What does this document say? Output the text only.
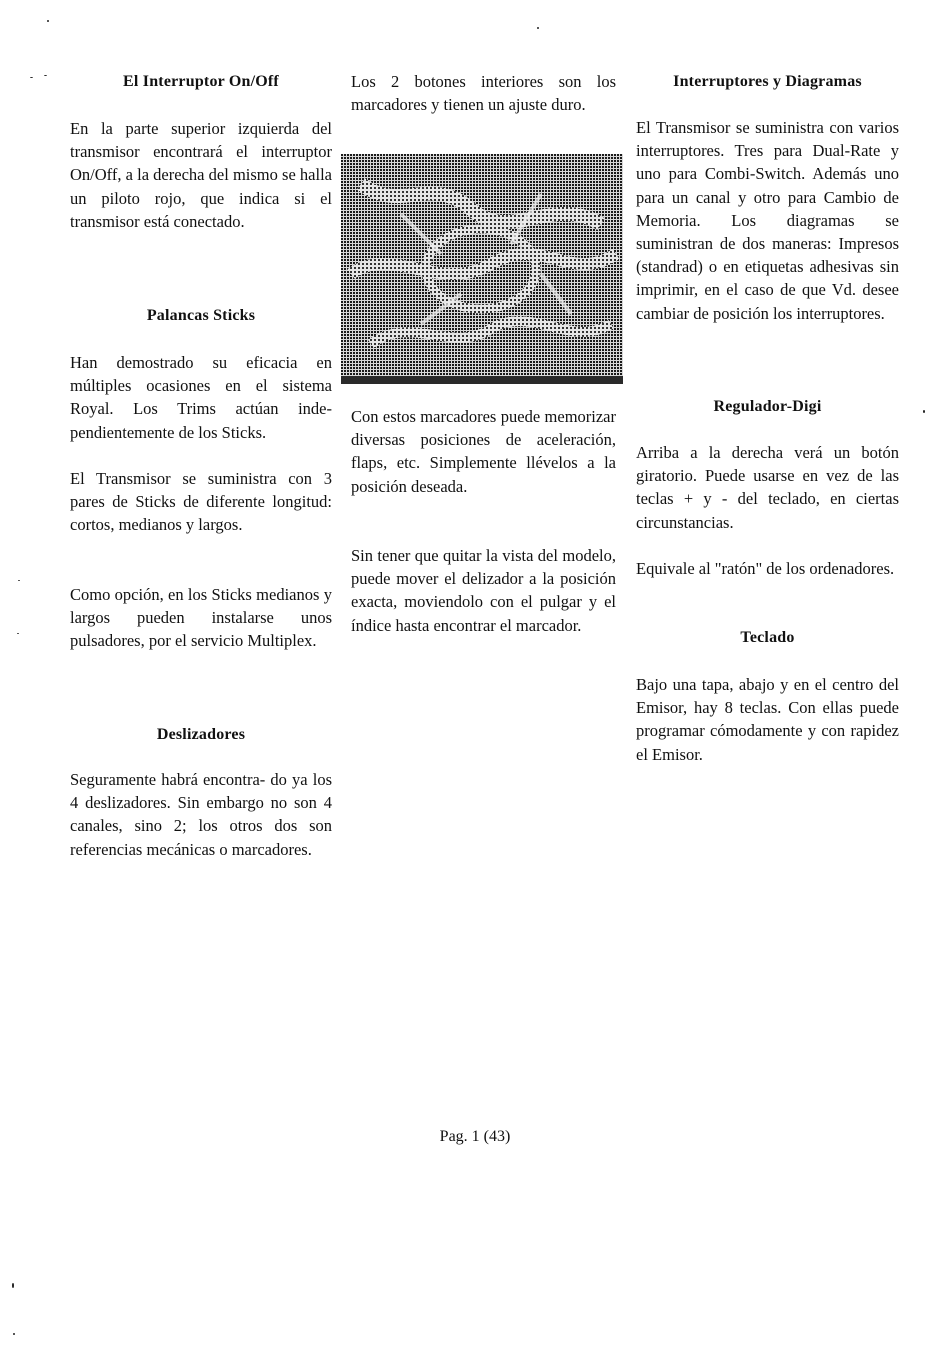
El Interruptor On/Off

En la parte superior izquierda del transmisor encontrará el interruptor On/Off, a la derecha del mismo se halla un piloto rojo, que indica si el transmisor está conectado.

Palancas Sticks

Han demostrado su eficacia en múltiples ocasiones en el sistema Royal. Los Trims actúan independientemente de los Sticks.

El Transmisor se suministra con 3 pares de Sticks de diferente longitud: cortos, medianos y largos.

Como opción, en los Sticks medianos y largos pueden instalarse unos pulsadores, por el servicio Multiplex.

Deslizadores

Seguramente habrá encontra- do ya los 4 deslizadores. Sin embargo no son 4 canales, sino 2; los otros dos son referencias mecánicas o marcadores.

Los 2 botones interiores son los marcadores y tienen un ajuste duro.

Con estos marcadores puede memorizar diversas posiciones de aceleración, flaps, etc. Simplemente llévelos a la posición deseada.

Sin tener que quitar la vista del modelo, puede mover el delizador a la posición exacta, moviendolo con el pulgar y el índice hasta encontrar el marcador.

Interruptores y Diagramas

El Transmisor se suministra con varios interruptores. Tres para Dual-Rate y uno para Combi-Switch. Además uno para un canal y otro para Cambio de Memoria. Los diagramas se suministran de dos maneras: Impresos (standrad) o en etiquetas adhesivas sin imprimir, en el caso de que Vd. desee cambiar de posición los interruptores.

Regulador-Digi

Arriba a la derecha verá un botón giratorio. Puede usarse en vez de las teclas + y - del teclado, en ciertas circunstancias.

Equivale al "ratón" de los ordenadores.

Teclado

Bajo una tapa, abajo y en el centro del Emisor, hay 8 teclas. Con ellas puede programar cómodamente y con rapidez el Emisor.

Pag. 1 (43)
